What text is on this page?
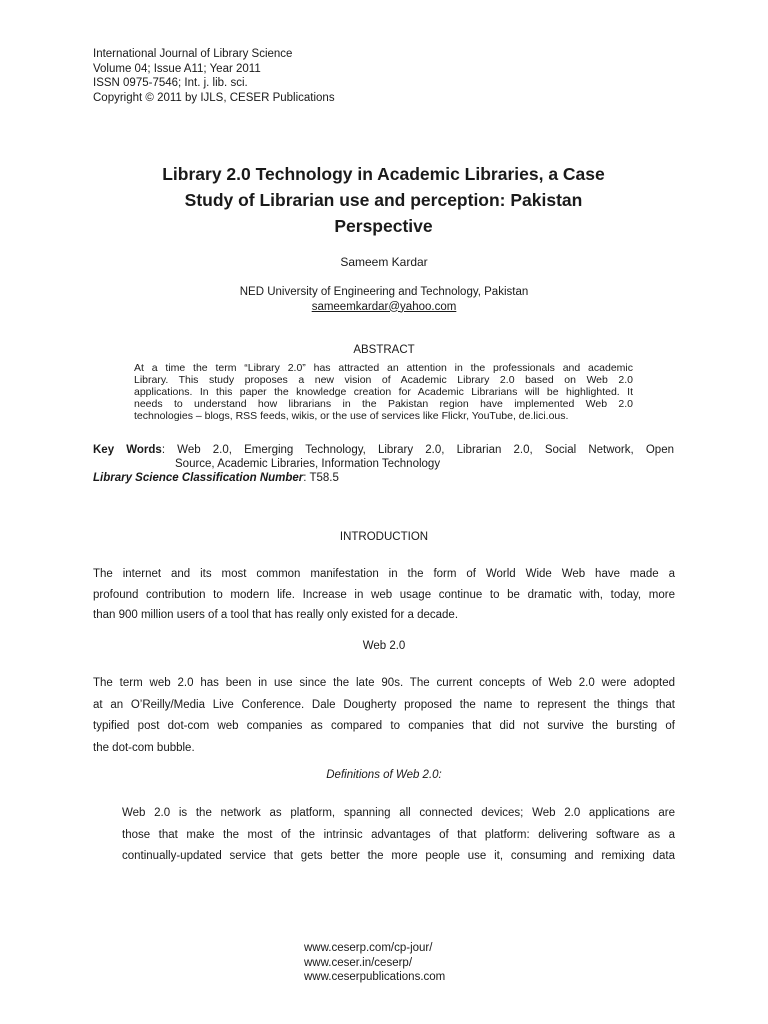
International Journal of Library Science
Volume 04; Issue A11; Year 2011
ISSN 0975-7546; Int. j. lib. sci.
Copyright © 2011 by IJLS, CESER Publications
Library 2.0 Technology in Academic Libraries, a Case
Study of Librarian use and perception: Pakistan
Perspective
Sameem Kardar
NED University of Engineering and Technology, Pakistan
sameemkardar@yahoo.com
ABSTRACT
At a time the term “Library 2.0” has attracted an attention in the professionals and academic
Library. This study proposes a new vision of Academic Library 2.0 based on Web 2.0
applications. In this paper the knowledge creation for Academic Librarians will be highlighted. It
needs to understand how librarians in the Pakistan region have implemented Web 2.0
technologies – blogs, RSS feeds, wikis, or the use of services like Flickr, YouTube, de.lici.ous.
Key Words: Web 2.0, Emerging Technology, Library 2.0, Librarian 2.0, Social Network, Open
Source, Academic Libraries, Information Technology
Library Science Classification Number: T58.5
INTRODUCTION
The internet and its most common manifestation in the form of World Wide Web have made a
profound contribution to modern life. Increase in web usage continue to be dramatic with, today, more
than 900 million users of a tool that has really only existed for a decade.
Web 2.0
The term web 2.0 has been in use since the late 90s. The current concepts of Web 2.0 were adopted
at an O’Reilly/Media Live Conference. Dale Dougherty proposed the name to represent the things that
typified post dot-com web companies as compared to companies that did not survive the bursting of
the dot-com bubble.
Definitions of Web 2.0:
Web 2.0 is the network as platform, spanning all connected devices; Web 2.0 applications are
those that make the most of the intrinsic advantages of that platform: delivering software as a
continually-updated service that gets better the more people use it, consuming and remixing data
www.ceserp.com/cp-jour/
www.ceser.in/ceserp/
www.ceserpublications.com
